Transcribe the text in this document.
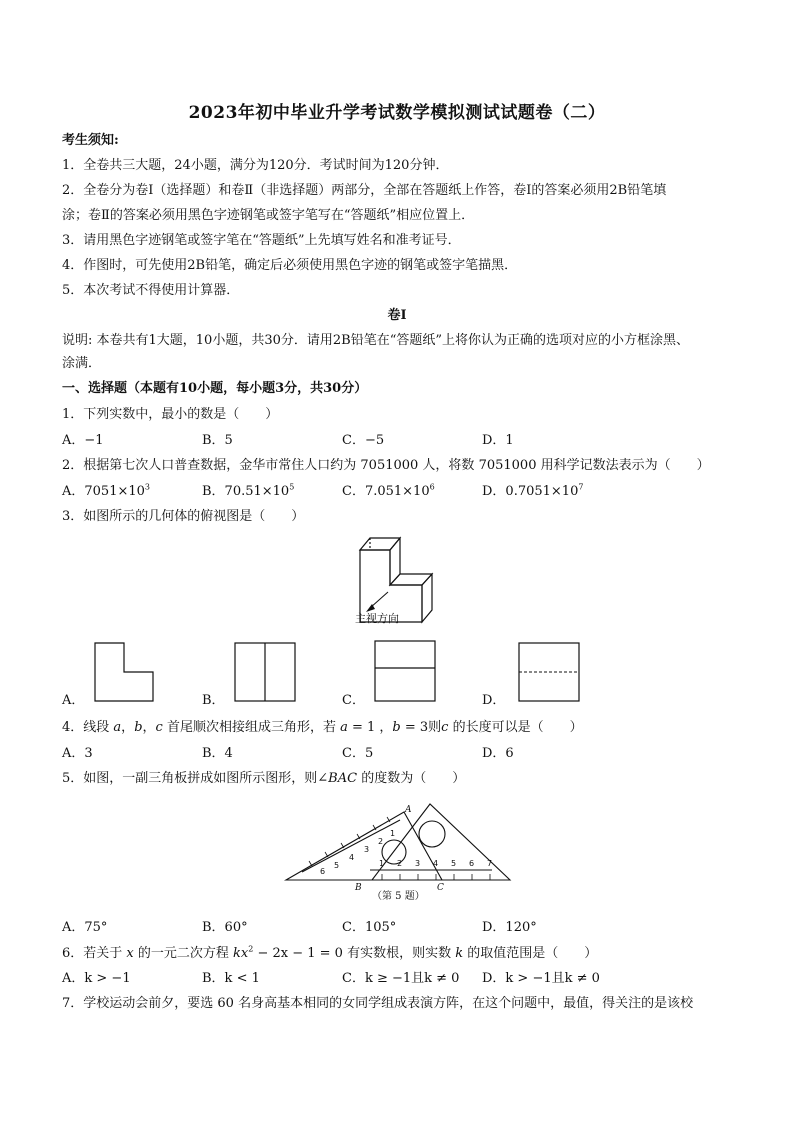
2023年初中毕业升学考试数学模拟测试试题卷（二）
考生须知:
1．全卷共三大题，24小题，满分为120分．考试时间为120分钟．
2．全卷分为卷Ⅰ（选择题）和卷Ⅱ（非选择题）两部分，全部在答题纸上作答，卷Ⅰ的答案必须用2B铅笔填
涂；卷Ⅱ的答案必须用黑色字迹钢笔或签字笔写在“答题纸”相应位置上．
3．请用黑色字迹钢笔或签字笔在“答题纸”上先填写姓名和准考证号．
4．作图时，可先使用2B铅笔，确定后必须使用黑色字迹的钢笔或签字笔描黑．
5．本次考试不得使用计算器．
卷Ⅰ
说明: 本卷共有1大题，10小题，共30分．请用2B铅笔在“答题纸”上将你认为正确的选项对应的小方框涂黑、
涂满．
一、选择题（本题有10小题，每小题3分，共30分）
1．下列实数中，最小的数是（　　）
A．−1	B．5	C．−5	D．1
2．根据第七次人口普查数据，金华市常住人口约为 7051000 人，将数 7051000 用科学记数法表示为（　　）
A．$7051\times 10^3$	B．$70.51\times 10^5$	C．$7.051\times 10^6$	D．$0.7051\times 10^7$
3．如图所示的几何体的俯视图是（　　）
主视方向
A．	B．	C．	D．
4．线段 a，b，c 首尾顺次相接组成三角形，若 a = 1 ，b = 3则c 的长度可以是（　　）
A．3	B．4	C．5	D．6
5．如图，一副三角板拼成如图所示图形，则∠BAC 的度数为（　　）
1 2 3 4 5 6 7
1
2
3
4
5
6
A
B	C
（第 5 题）
A．75°	B．60°	C．105°	D．120°
6．若关于 x 的一元二次方程 $kx^2 - 2x - 1 = 0$ 有实数根，则实数 k 的取值范围是（　　）
A．k > −1	B．k < 1	C．k ≥ −1且k ≠ 0 D．k > −1且k ≠ 0
7．学校运动会前夕，要选 60 名身高基本相同的女同学组成表演方阵，在这个问题中，最值，得关注的是该校
